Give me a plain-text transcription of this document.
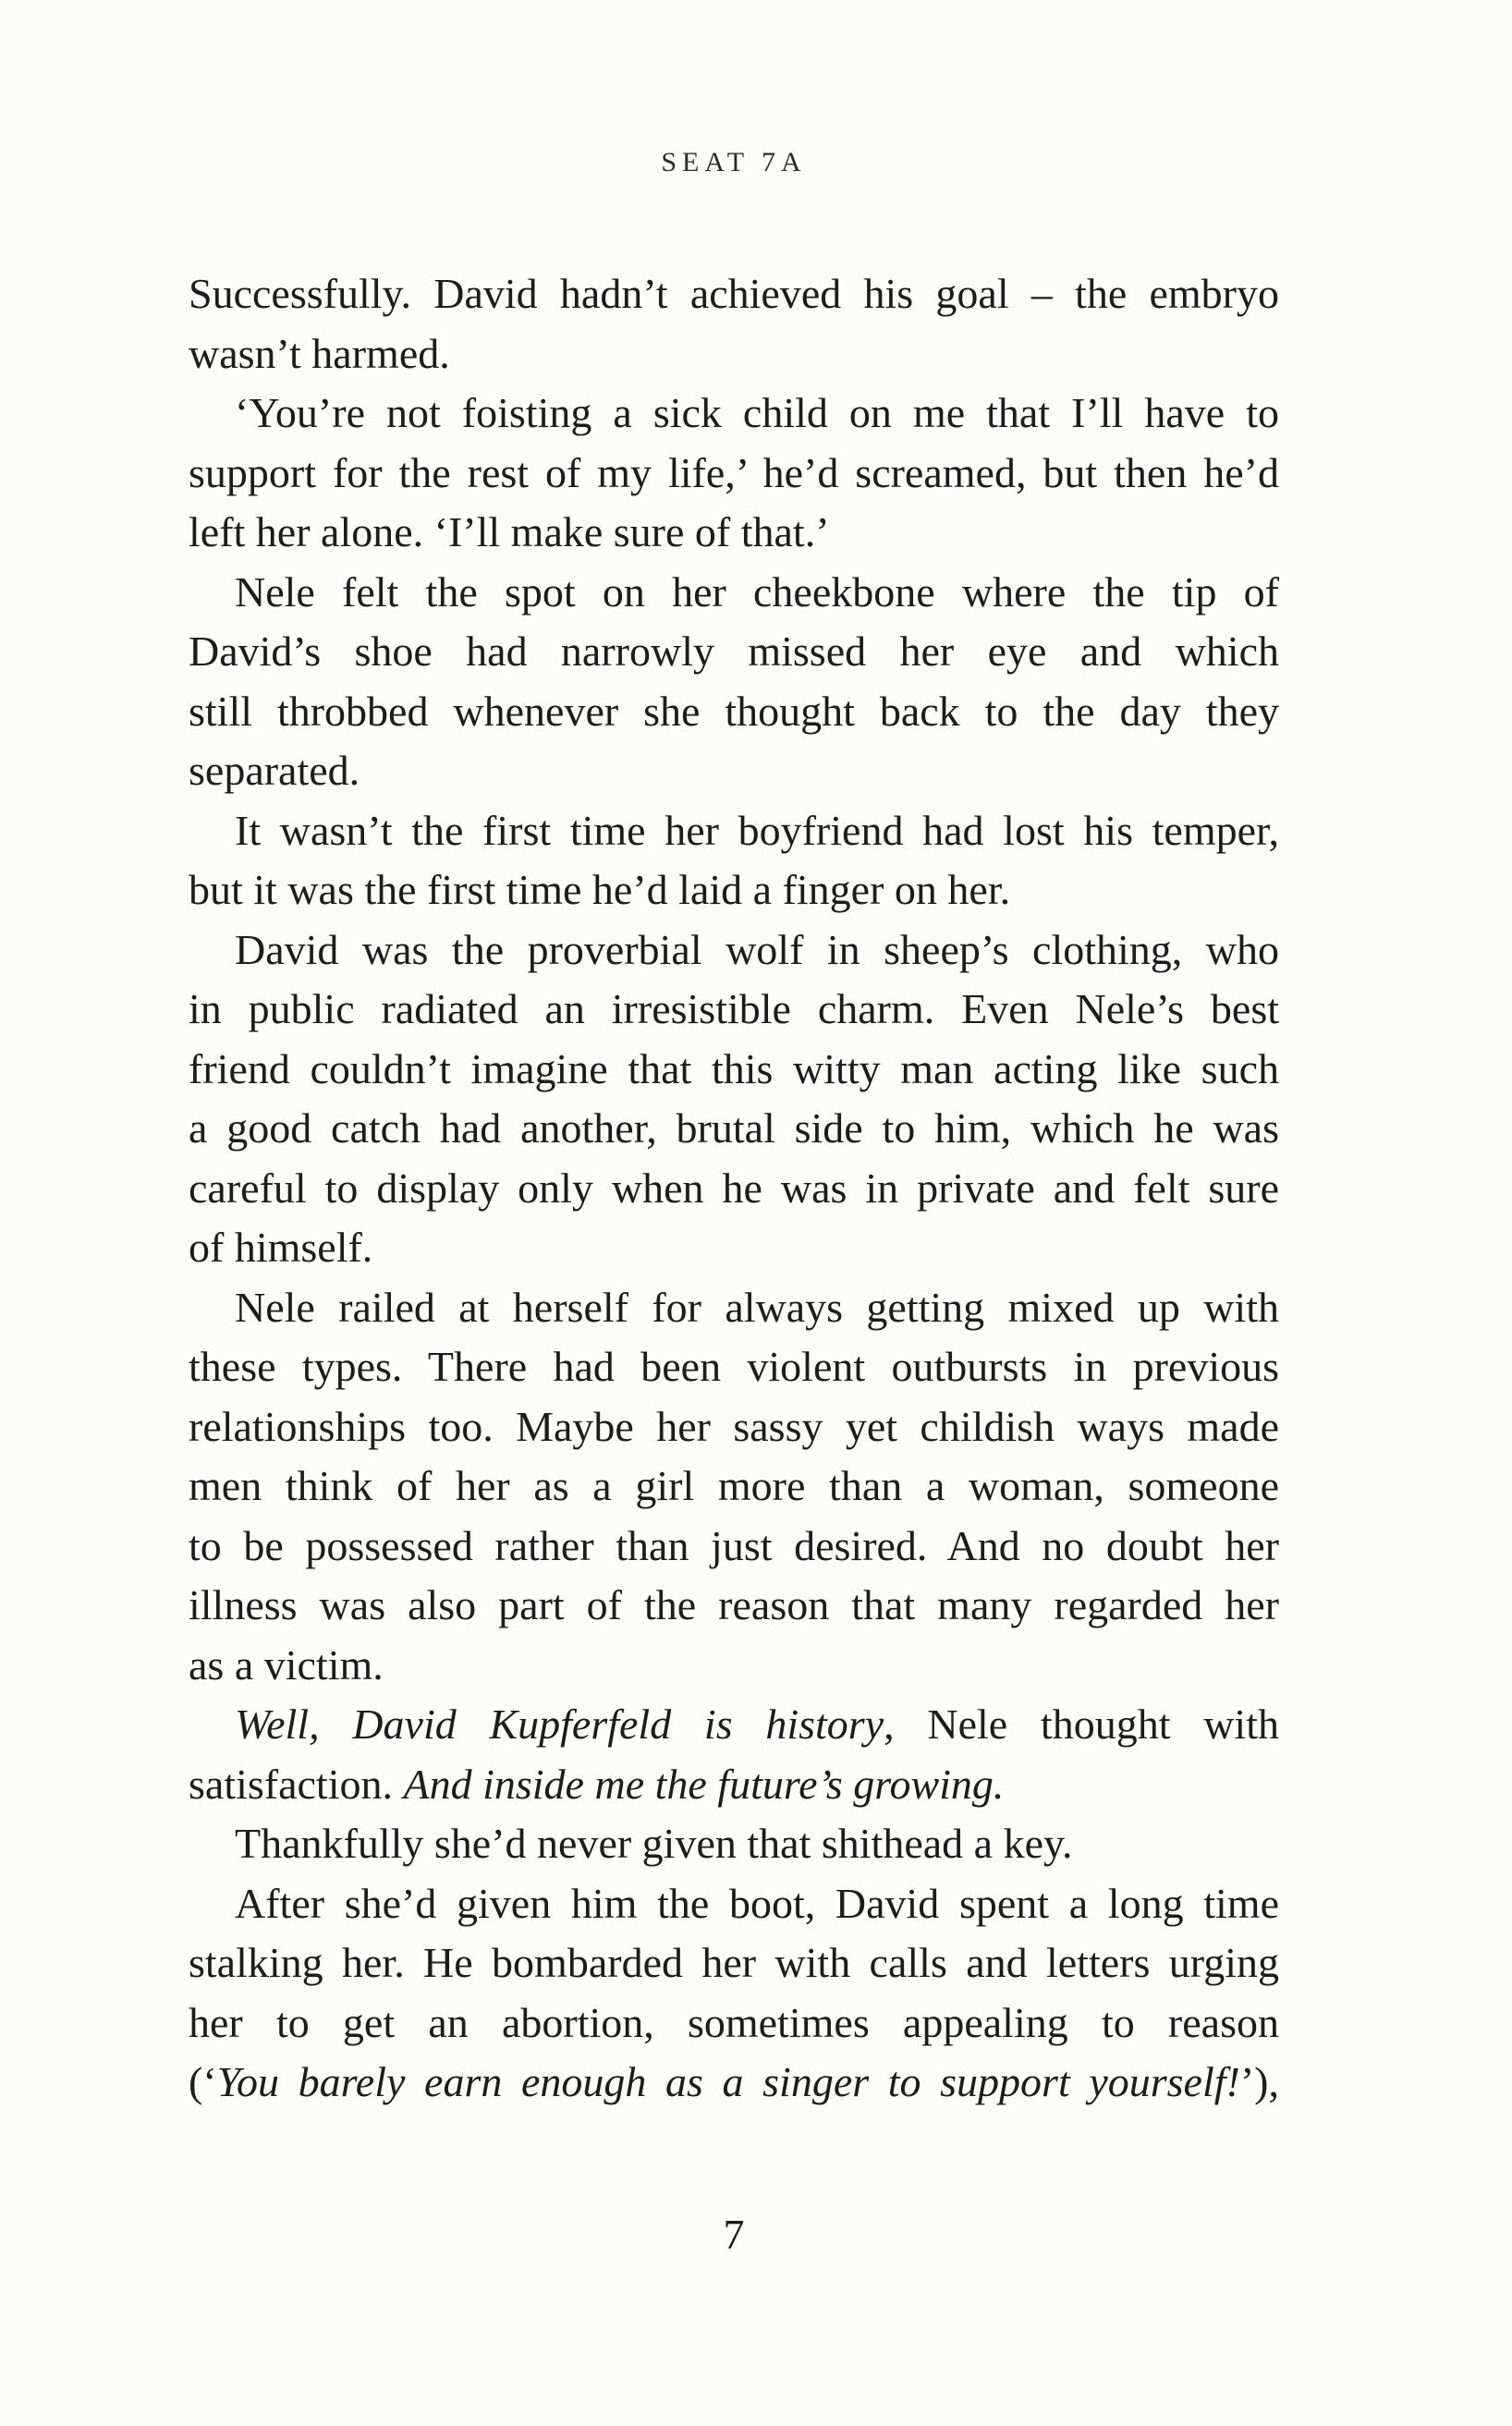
SEAT 7A
Successfully. David hadn’t achieved his goal – the embryo
wasn’t harmed.
‘You’re not foisting a sick child on me that I’ll have to
support for the rest of my life,’ he’d screamed, but then he’d
left her alone. ‘I’ll make sure of that.’
Nele felt the spot on her cheekbone where the tip of
David’s shoe had narrowly missed her eye and which
still throbbed whenever she thought back to the day they
separated.
It wasn’t the first time her boyfriend had lost his temper,
but it was the first time he’d laid a finger on her.
David was the proverbial wolf in sheep’s clothing, who
in public radiated an irresistible charm. Even Nele’s best
friend couldn’t imagine that this witty man acting like such
a good catch had another, brutal side to him, which he was
careful to display only when he was in private and felt sure
of himself.
Nele railed at herself for always getting mixed up with
these types. There had been violent outbursts in previous
relationships too. Maybe her sassy yet childish ways made
men think of her as a girl more than a woman, someone
to be possessed rather than just desired. And no doubt her
illness was also part of the reason that many regarded her
as a victim.
Well, David Kupferfeld is history, Nele thought with
satisfaction. And inside me the future’s growing.
Thankfully she’d never given that shithead a key.
After she’d given him the boot, David spent a long time
stalking her. He bombarded her with calls and letters urging
her to get an abortion, sometimes appealing to reason
(‘You barely earn enough as a singer to support yourself!’),
7
